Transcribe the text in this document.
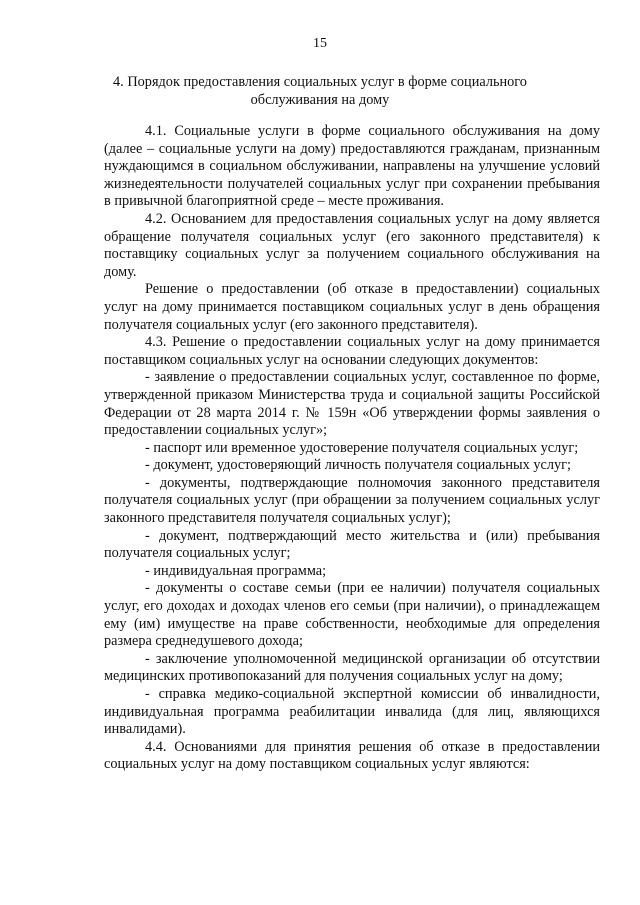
15
4. Порядок предоставления социальных услуг в форме социального обслуживания на дому

4.1. Социальные услуги в форме социального обслуживания на дому (далее – социальные услуги на дому) предоставляются гражданам, признанным нуждающимся в социальном обслуживании, направлены на улучшение условий жизнедеятельности получателей социальных услуг при сохранении пребывания в привычной благоприятной среде – месте проживания.

4.2. Основанием для предоставления социальных услуг на дому является обращение получателя социальных услуг (его законного представителя) к поставщику социальных услуг за получением социального обслуживания на дому.

Решение о предоставлении (об отказе в предоставлении) социальных услуг на дому принимается поставщиком социальных услуг в день обращения получателя социальных услуг (его законного представителя).

4.3. Решение о предоставлении социальных услуг на дому принимается поставщиком социальных услуг на основании следующих документов:

- заявление о предоставлении социальных услуг, составленное по форме, утвержденной приказом Министерства труда и социальной защиты Российской Федерации от 28 марта 2014 г. № 159н «Об утверждении формы заявления о предоставлении социальных услуг»;

- паспорт или временное удостоверение получателя социальных услуг;

- документ, удостоверяющий личность получателя социальных услуг;

- документы, подтверждающие полномочия законного представителя получателя социальных услуг (при обращении за получением социальных услуг законного представителя получателя социальных услуг);

- документ, подтверждающий место жительства и (или) пребывания получателя социальных услуг;

- индивидуальная программа;

- документы о составе семьи (при ее наличии) получателя социальных услуг, его доходах и доходах членов его семьи (при наличии), о принадлежащем ему (им) имуществе на праве собственности, необходимые для определения размера среднедушевого дохода;

- заключение уполномоченной медицинской организации об отсутствии медицинских противопоказаний для получения социальных услуг на дому;

- справка медико-социальной экспертной комиссии об инвалидности, индивидуальная программа реабилитации инвалида (для лиц, являющихся инвалидами).

4.4. Основаниями для принятия решения об отказе в предоставлении социальных услуг на дому поставщиком социальных услуг являются:
